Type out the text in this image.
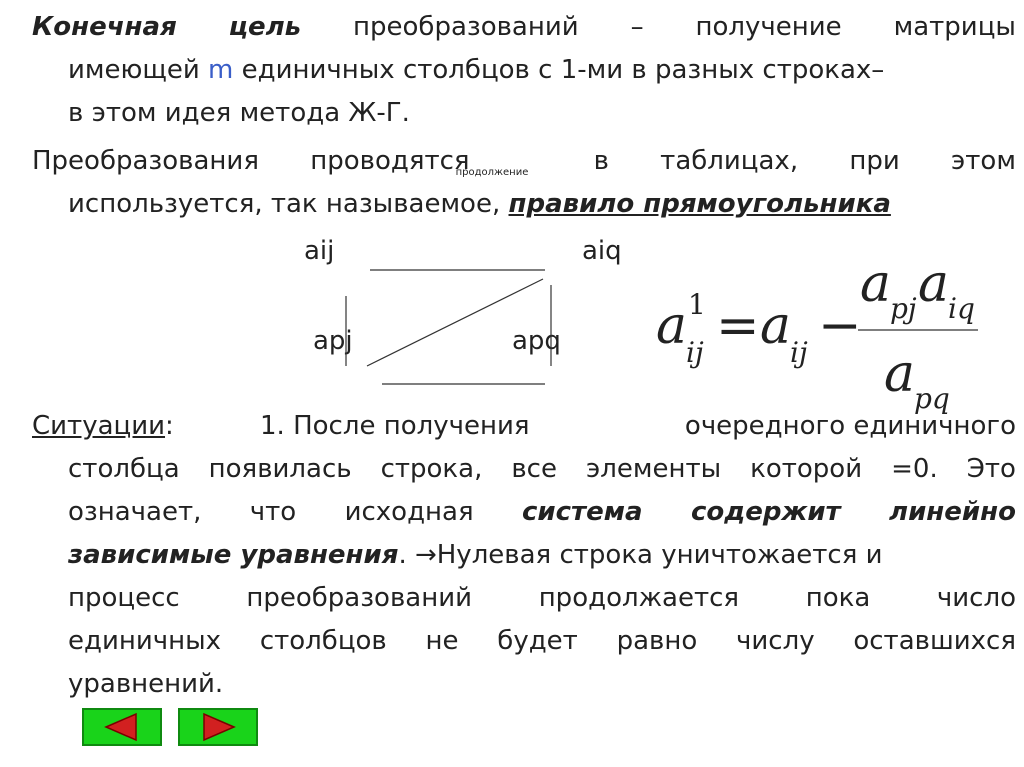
Конечная цель преобразований – получение матрицы
имеющей m единичных столбцов с 1-ми в разных строках–
в этом идея метода Ж-Г.
Преобразования проводятся$_{продолжение}$	в таблицах, при этом
используется, так называемое, правило прямоугольника
aij	aiq
apj	apq a 1
ij = a
ij −
a
pj a
iq
a
pq
Ситуации:	1. После получения	очередного единичного
столбца появилась строка, все элементы которой =0. Это
означает, что исходная система содержит линейно
зависимые уравнения. →Нулевая строка уничтожается и
процесс	преобразований	продолжается	пока	число
единичных столбцов не будет равно числу оставшихся
уравнений.
